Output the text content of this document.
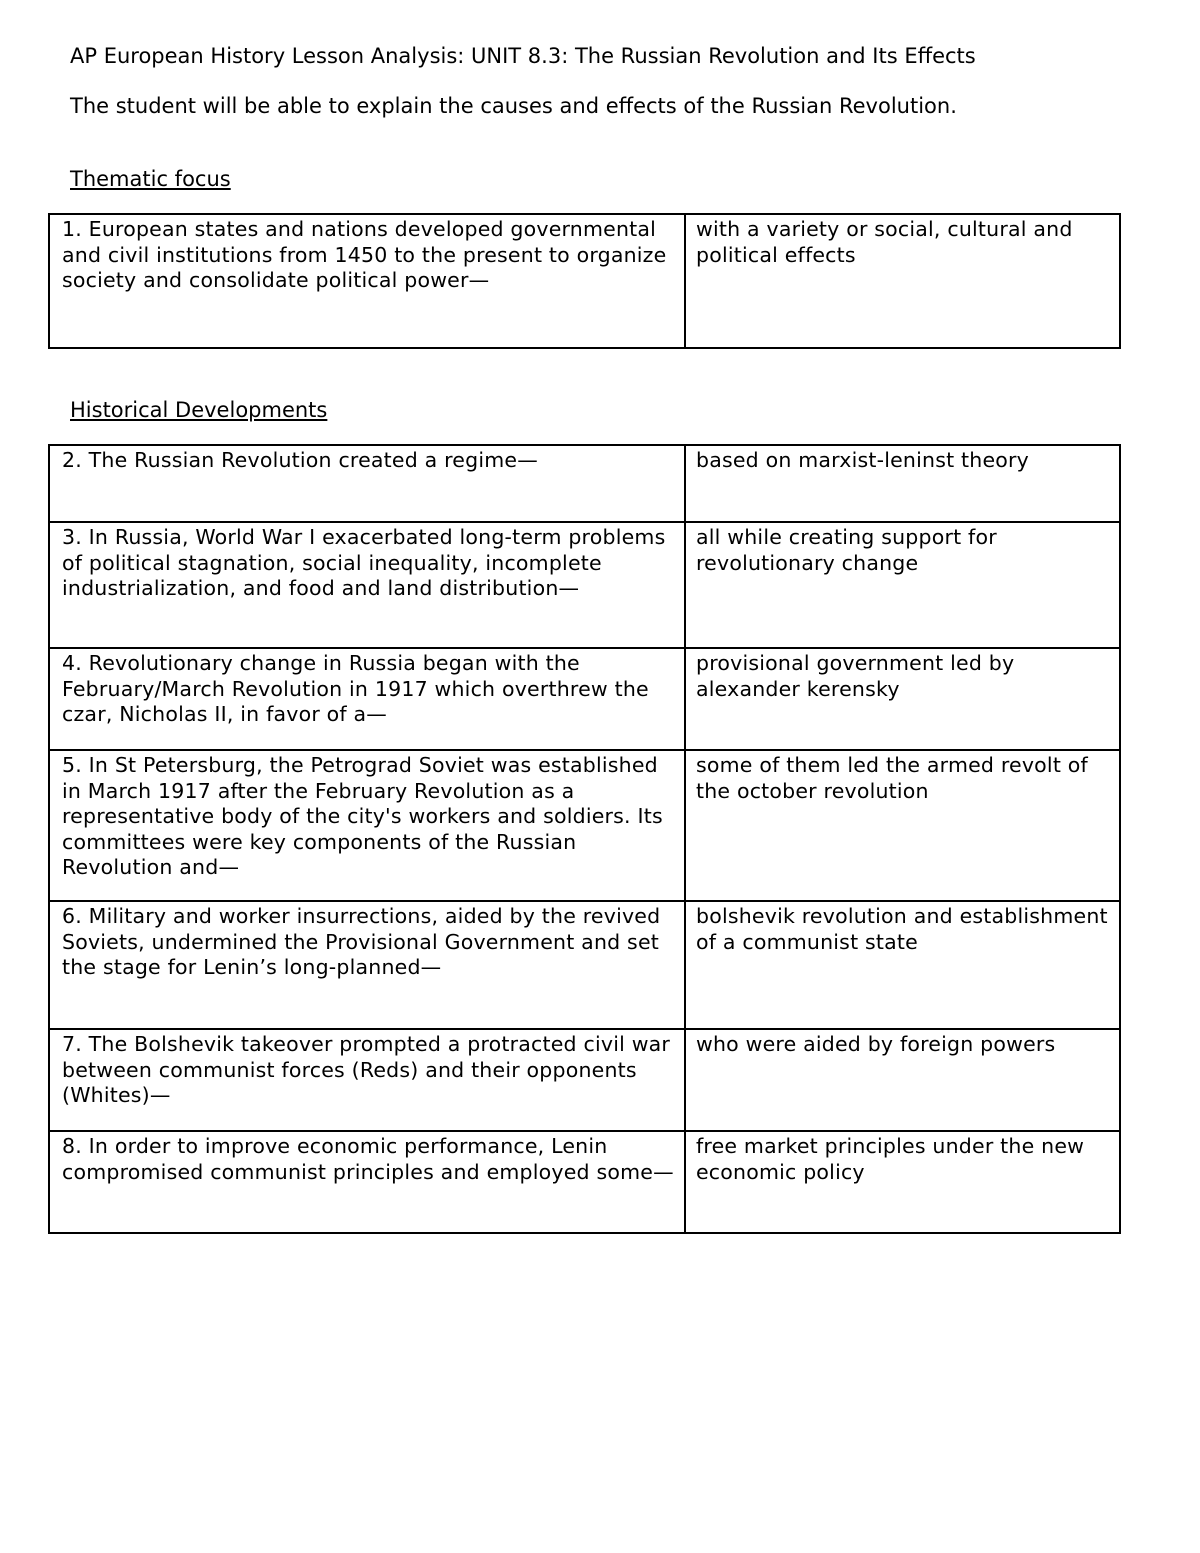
AP European History Lesson Analysis: UNIT 8.3: The Russian Revolution and Its Effects
The student will be able to explain the causes and effects of the Russian Revolution.
Thematic focus
1. European states and nations developed governmental and civil institutions from 1450 to the present to organize society and consolidate political power—	with a variety or social, cultural and political effects
Historical Developments
2. The Russian Revolution created a regime—	based on marxist-leninst theory
3. In Russia, World War I exacerbated long-term problems of political stagnation, social inequality, incomplete industrialization, and food and land distribution—	all while creating support for revolutionary change
4. Revolutionary change in Russia began with the February/March Revolution in 1917 which overthrew the czar, Nicholas II, in favor of a—	provisional government led by alexander kerensky
5. In St Petersburg, the Petrograd Soviet was established in March 1917 after the February Revolution as a representative body of the city's workers and soldiers. Its committees were key components of the Russian Revolution and—	some of them led the armed revolt of the october revolution
6. Military and worker insurrections, aided by the revived Soviets, undermined the Provisional Government and set the stage for Lenin’s long-planned—	bolshevik revolution and establishment of a communist state
7. The Bolshevik takeover prompted a protracted civil war between communist forces (Reds) and their opponents (Whites)—	who were aided by foreign powers
8. In order to improve economic performance, Lenin compromised communist principles and employed some—	free market principles under the new economic policy
